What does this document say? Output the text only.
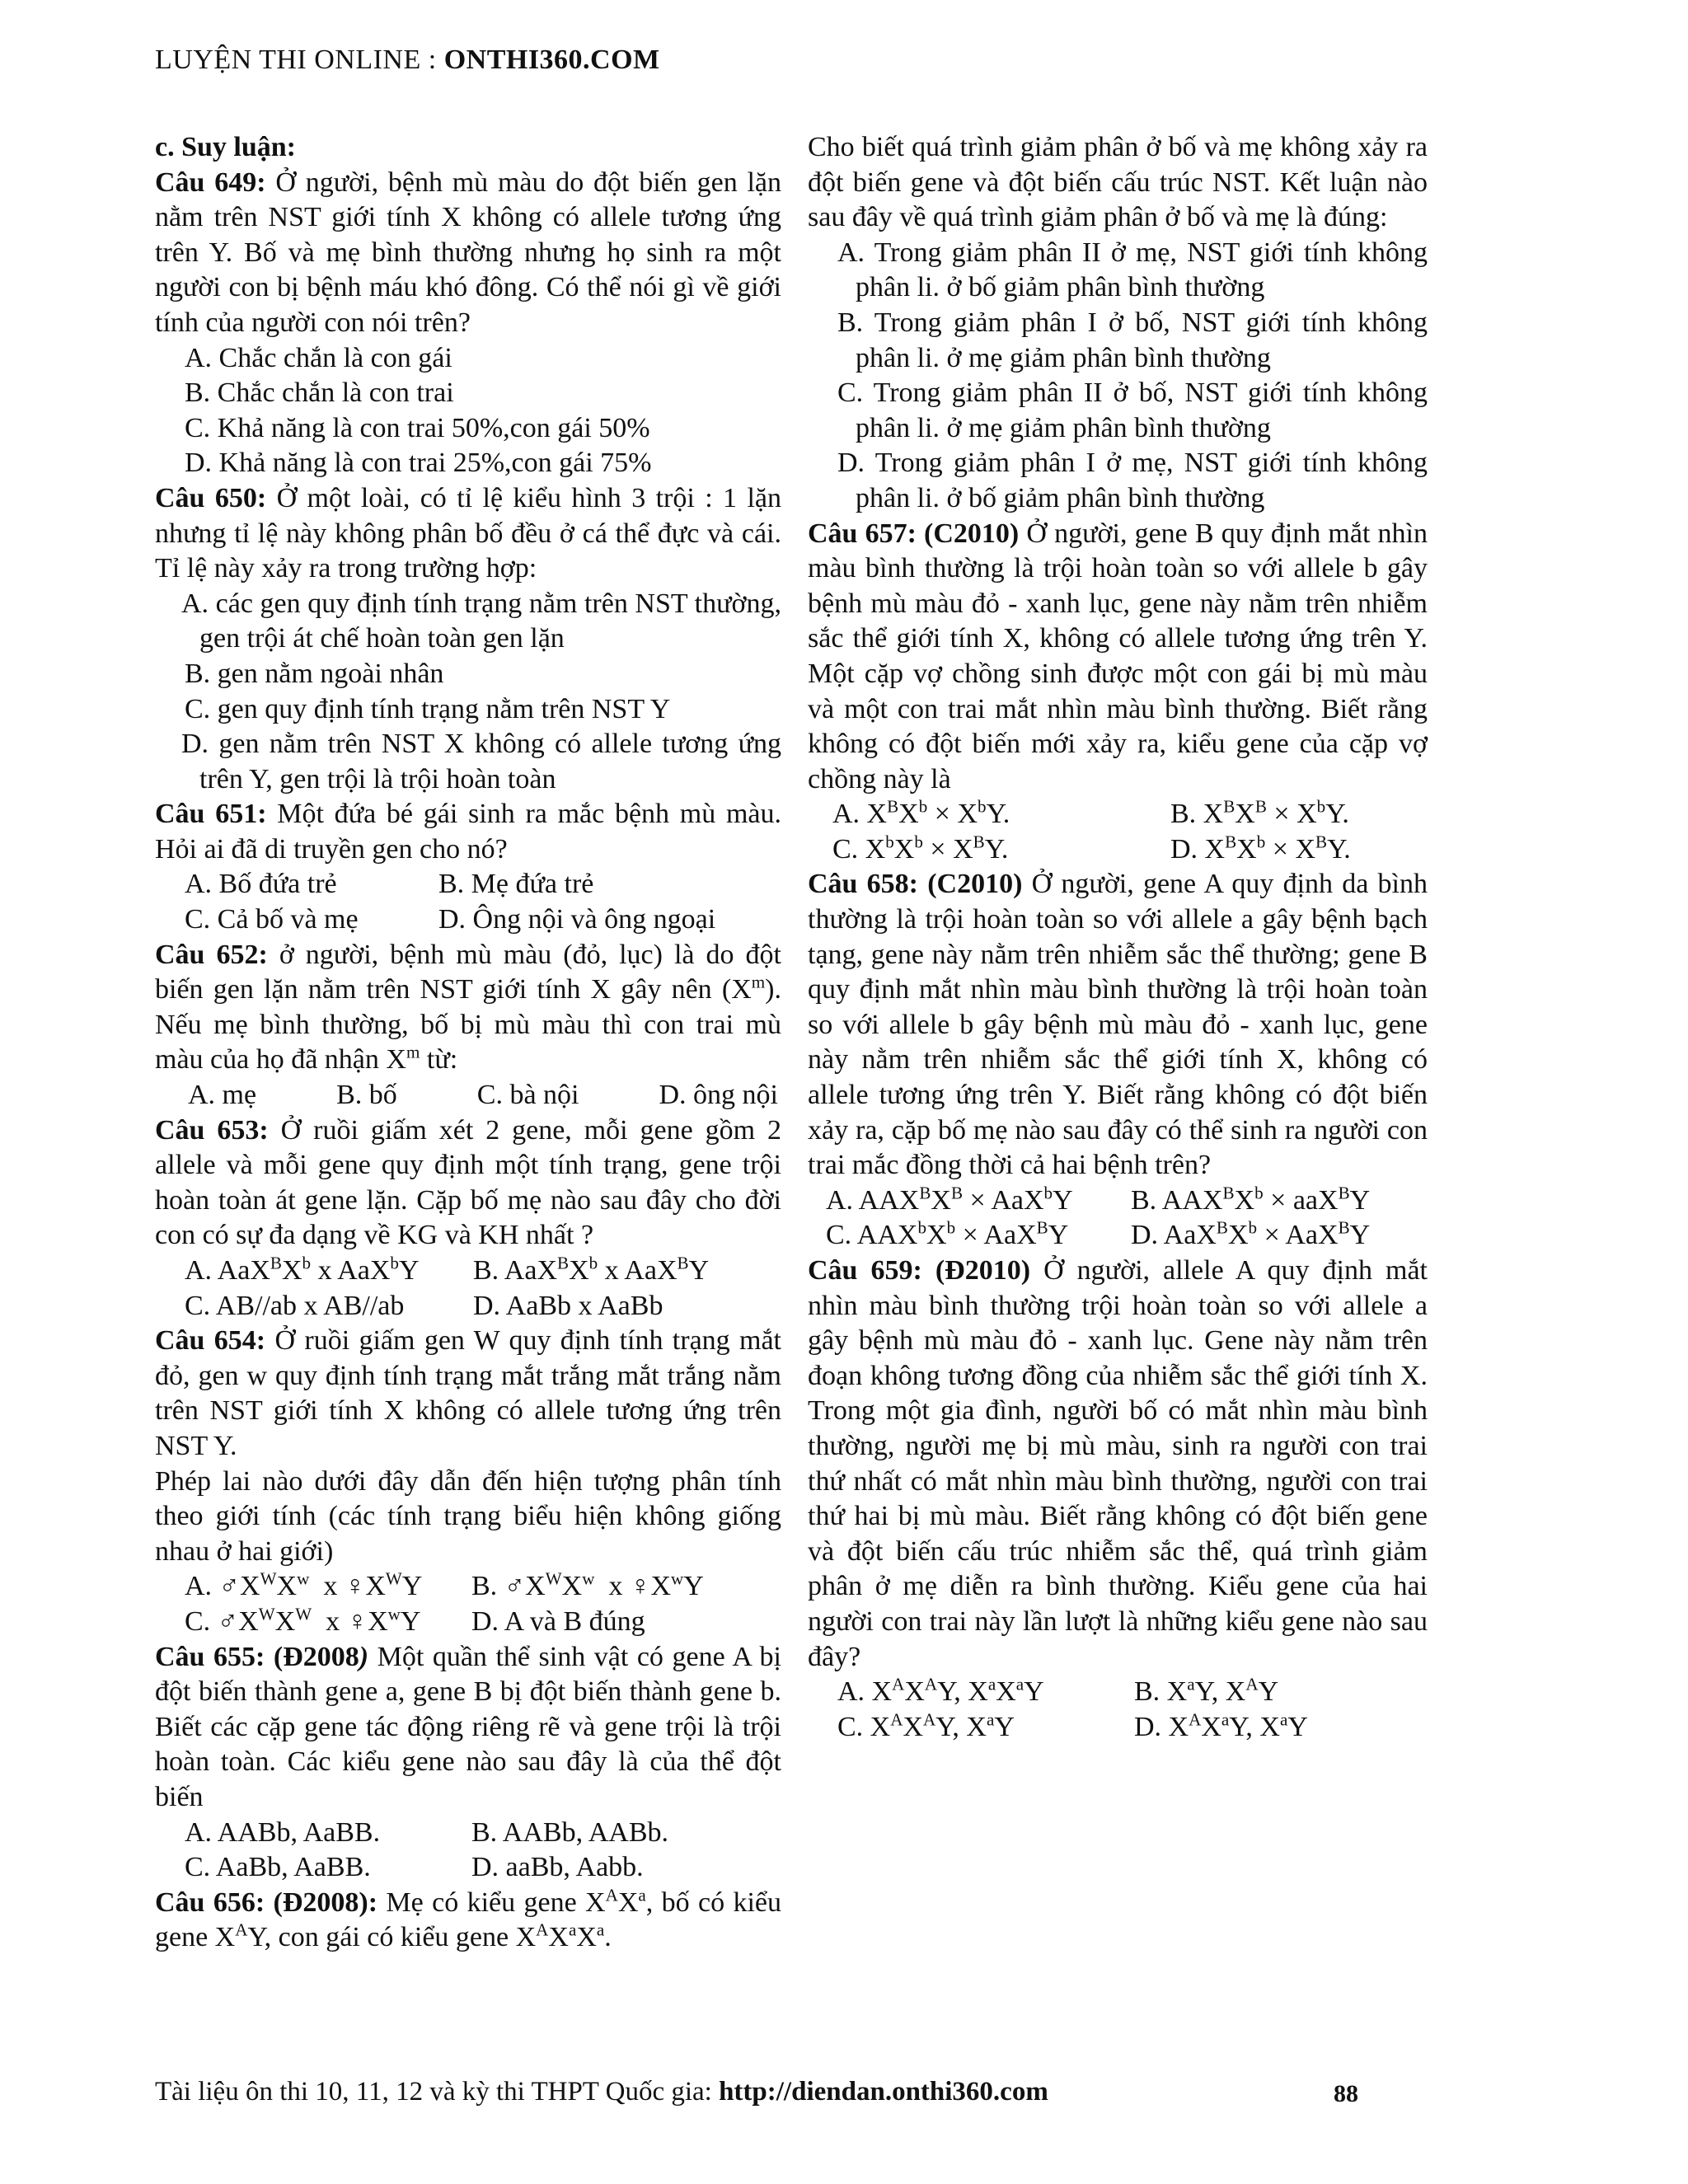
LUYỆN THI ONLINE : ONTHI360.COM

c. Suy luận:

Câu 649: Ở người, bệnh mù màu do đột biến gen lặn nằm trên NST giới tính X không có allele tương ứng trên Y. Bố và mẹ bình thường nhưng họ sinh ra một người con bị bệnh máu khó đông. Có thể nói gì về giới tính của người con nói trên?

A. Chắc chắn là con gái

B. Chắc chắn là con trai

C. Khả năng là con trai 50%,con gái 50%

D. Khả năng là con trai 25%,con gái 75%

Câu 650: Ở một loài, có tỉ lệ kiểu hình 3 trội : 1 lặn nhưng tỉ lệ này không phân bố đều ở cá thể đực và cái. Tỉ lệ này xảy ra trong trường hợp:

A. các gen quy định tính trạng nằm trên NST thường, gen trội át chế hoàn toàn gen lặn

B. gen nằm ngoài nhân

C. gen quy định tính trạng nằm trên NST Y

D. gen nằm trên NST X không có allele tương ứng trên Y, gen trội là trội hoàn toàn

Câu 651: Một đứa bé gái sinh ra mắc bệnh mù màu. Hỏi ai đã di truyền gen cho nó?

A. Bố đứa trẻ	B. Mẹ đứa trẻ
C. Cả bố và mẹ	D. Ông nội và ông ngoại

Câu 652: ở người, bệnh mù màu (đỏ, lục) là do đột biến gen lặn nằm trên NST giới tính X gây nên $(X^m)$. Nếu mẹ bình thường, bố bị mù màu thì con trai mù màu của họ đã nhận $X^m$ từ:

A. mẹ	B. bố	C. bà nội	D. ông nội

Câu 653: Ở ruồi giấm xét 2 gene, mỗi gene gồm 2 allele và mỗi gene quy định một tính trạng, gene trội hoàn toàn át gene lặn. Cặp bố mẹ nào sau đây cho đời con có sự đa dạng về KG và KH nhất ?

A. $AaX^BX^b$ x AaX$^b$Y	B. $AaX^BX^b$ x AaX$^B$Y
C. AB//ab x AB//ab	D. AaBb x AaBb

Câu 654: Ở ruồi giấm gen W quy định tính trạng mắt đỏ, gen w quy định tính trạng mắt trắng mắt trắng nằm trên NST giới tính X không có allele tương ứng trên NST Y.

Phép lai nào dưới đây dẫn đến hiện tượng phân tính theo giới tính (các tính trạng biểu hiện không giống nhau ở hai giới)

A. $♂X^WX^w$  x $♀X^WY$	B. $♂X^WX^w$  x $♀X^wY$
C. $♂X^WX^W$  x $♀X^wY$	D. A và B đúng

Câu 655: (Đ2008) Một quần thể sinh vật có gene A bị đột biến thành gene a, gene B bị đột biến thành gene b. Biết các cặp gene tác động riêng rẽ và gene trội là trội hoàn toàn. Các kiểu gene nào sau đây là của thể đột biến

A. AABb, AaBB.	B. AABb, AABb.
C. AaBb, AaBB.	D. aaBb, Aabb.

Câu 656: (Đ2008): Mẹ có kiểu gene $X^AX^a$, bố có kiểu gene $X^AY$, con gái có kiểu gene $X^AX^aX^a$.

Cho biết quá trình giảm phân ở bố và mẹ không xảy ra đột biến gene và đột biến cấu trúc NST. Kết luận nào sau đây về quá trình giảm phân ở bố và mẹ là đúng:

A. Trong giảm phân II ở mẹ, NST giới tính không phân li. ở bố giảm phân bình thường

B. Trong giảm phân I ở bố, NST giới tính không phân li. ở mẹ giảm phân bình thường

C. Trong giảm phân II ở bố, NST giới tính không phân li. ở mẹ giảm phân bình thường

D. Trong giảm phân I ở mẹ, NST giới tính không phân li. ở bố giảm phân bình thường

Câu 657: (C2010) Ở người, gene B quy định mắt nhìn màu bình thường là trội hoàn toàn so với allele b gây bệnh mù màu đỏ - xanh lục, gene này nằm trên nhiễm sắc thể giới tính X, không có allele tương ứng trên Y. Một cặp vợ chồng sinh được một con gái bị mù màu và một con trai mắt nhìn màu bình thường. Biết rằng không có đột biến mới xảy ra, kiểu gene của cặp vợ chồng này là

A. $X^BX^b \times X^bY$.	B. $X^BX^B \times X^bY$.
C. $X^bX^b \times X^BY$.	D. $X^BX^b \times X^BY$.

Câu 658: (C2010) Ở người, gene A quy định da bình thường là trội hoàn toàn so với allele a gây bệnh bạch tạng, gene này nằm trên nhiễm sắc thể thường; gene B quy định mắt nhìn màu bình thường là trội hoàn toàn so với allele b gây bệnh mù màu đỏ - xanh lục, gene này nằm trên nhiễm sắc thể giới tính X, không có allele tương ứng trên Y. Biết rằng không có đột biến xảy ra, cặp bố mẹ nào sau đây có thể sinh ra người con trai mắc đồng thời cả hai bệnh trên?

A. $AAX^BX^B \times AaX^bY$	B. $AAX^BX^b \times aaX^BY$
C. $AAX^bX^b \times AaX^BY$	D. $AaX^BX^b \times AaX^BY$

Câu 659: (Đ2010) Ở người, allele A quy định mắt nhìn màu bình thường trội hoàn toàn so với allele a gây bệnh mù màu đỏ - xanh lục. Gene này nằm trên đoạn không tương đồng của nhiễm sắc thể giới tính X. Trong một gia đình, người bố có mắt nhìn màu bình thường, người mẹ bị mù màu, sinh ra người con trai thứ nhất có mắt nhìn màu bình thường, người con trai thứ hai bị mù màu. Biết rằng không có đột biến gene và đột biến cấu trúc nhiễm sắc thể, quá trình giảm phân ở mẹ diễn ra bình thường. Kiểu gene của hai người con trai này lần lượt là những kiểu gene nào sau đây?

A. $X^AX^AY$, $X^aX^aY$	B. $X^aY$, $X^AY$
C. $X^AX^AY$, $X^aY$	D. $X^AX^aY$, $X^aY$
Tài liệu ôn thi 10, 11, 12 và kỳ thi THPT Quốc gia: http://diendan.onthi360.com	88
